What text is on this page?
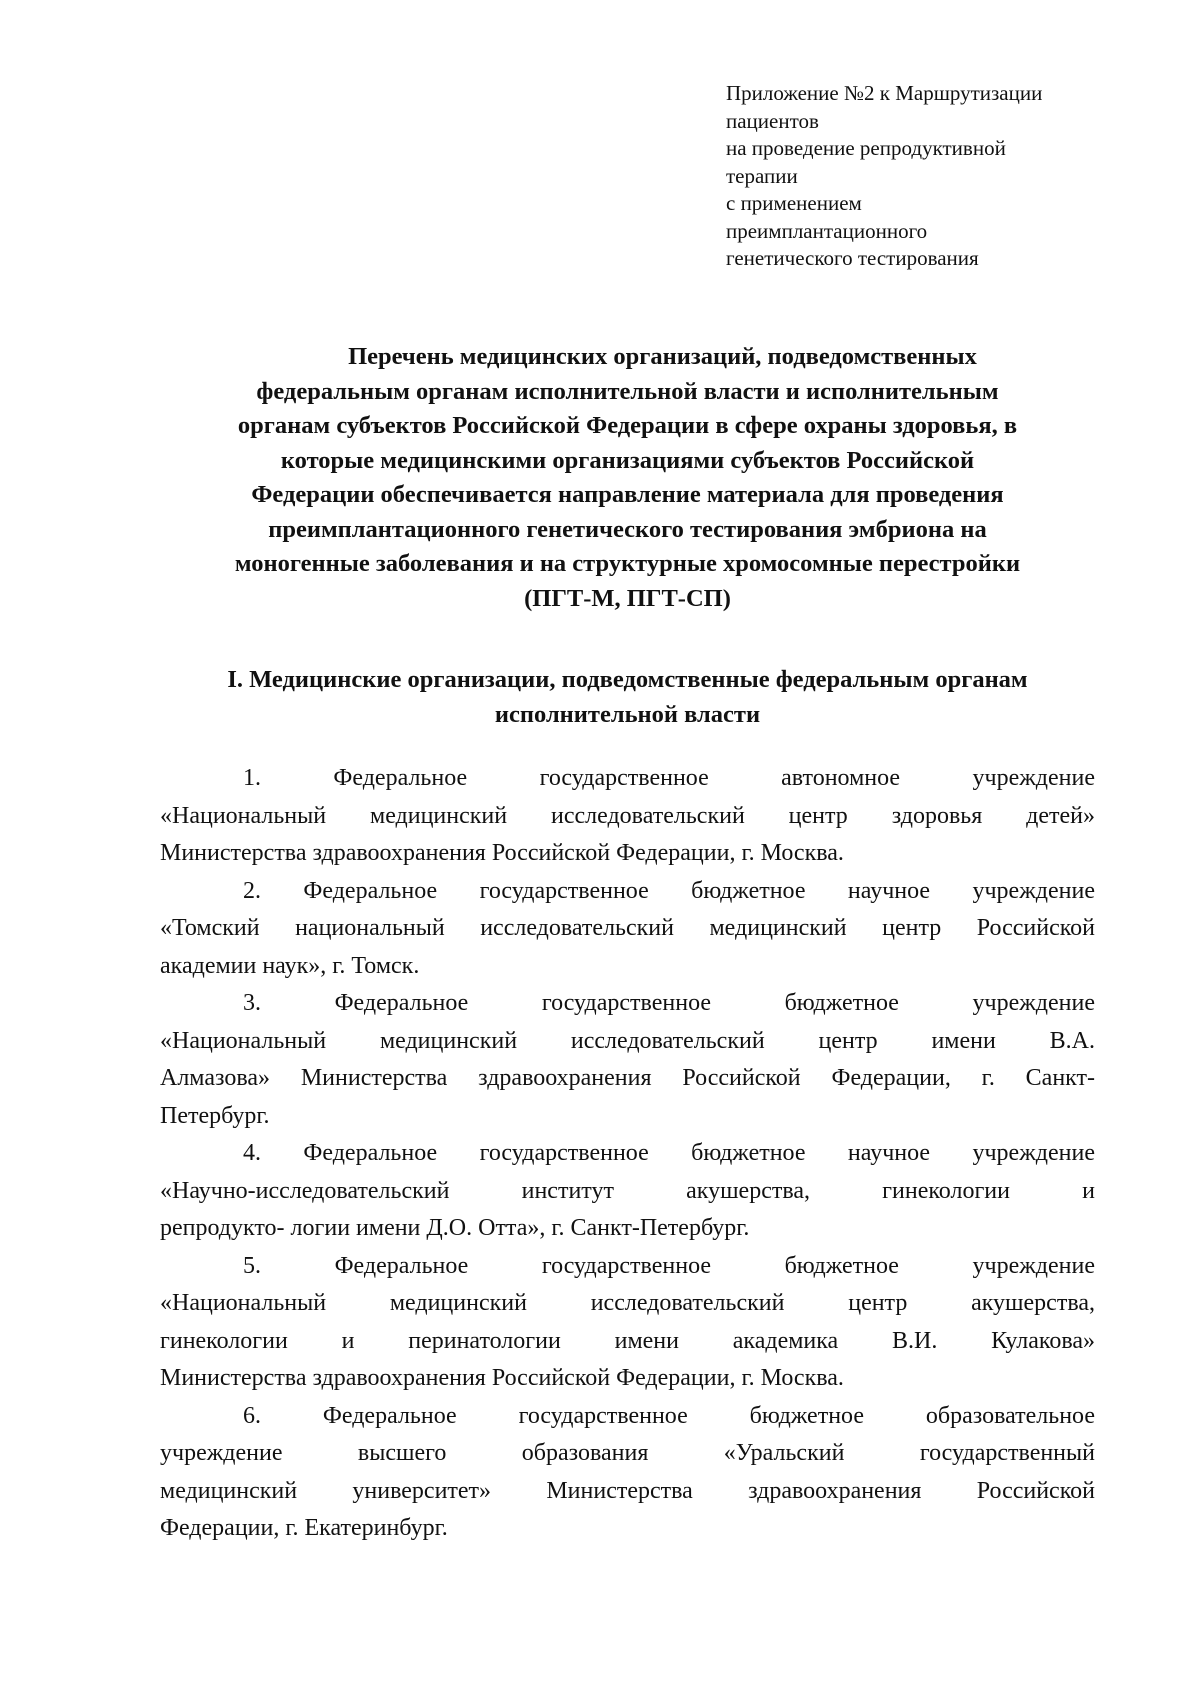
Приложение №2 к Маршрутизации
пациентов
на проведение репродуктивной
терапии
с применением
преимплантационного
генетического тестирования
Перечень медицинских организаций, подведомственных
федеральным органам исполнительной власти и исполнительным
органам субъектов Российской Федерации в сфере охраны здоровья, в
которые медицинскими организациями субъектов Российской
Федерации обеспечивается направление материала для проведения
преимплантационного генетического тестирования эмбриона на
моногенные заболевания и на структурные хромосомные перестройки
(ПГТ-М, ПГТ-СП)
I. Медицинские организации, подведомственные федеральным органам
исполнительной власти
1. Федеральное государственное автономное учреждение
«Национальный медицинский исследовательский центр здоровья детей»
Министерства здравоохранения Российской Федерации, г. Москва.
2. Федеральное государственное бюджетное научное учреждение
«Томский национальный исследовательский медицинский центр Российской
академии наук», г. Томск.
3. Федеральное государственное бюджетное учреждение
«Национальный медицинский исследовательский центр имени В.А.
Алмазова» Министерства здравоохранения Российской Федерации, г. Санкт-
Петербург.
4. Федеральное государственное бюджетное научное учреждение
«Научно-исследовательский институт акушерства, гинекологии и
репродукто- логии имени Д.О. Отта», г. Санкт-Петербург.
5. Федеральное государственное бюджетное учреждение
«Национальный медицинский исследовательский центр акушерства,
гинекологии и перинатологии имени академика В.И. Кулакова»
Министерства здравоохранения Российской Федерации, г. Москва.
6. Федеральное государственное бюджетное образовательное
учреждение высшего образования «Уральский государственный
медицинский университет» Министерства здравоохранения Российской
Федерации, г. Екатеринбург.
